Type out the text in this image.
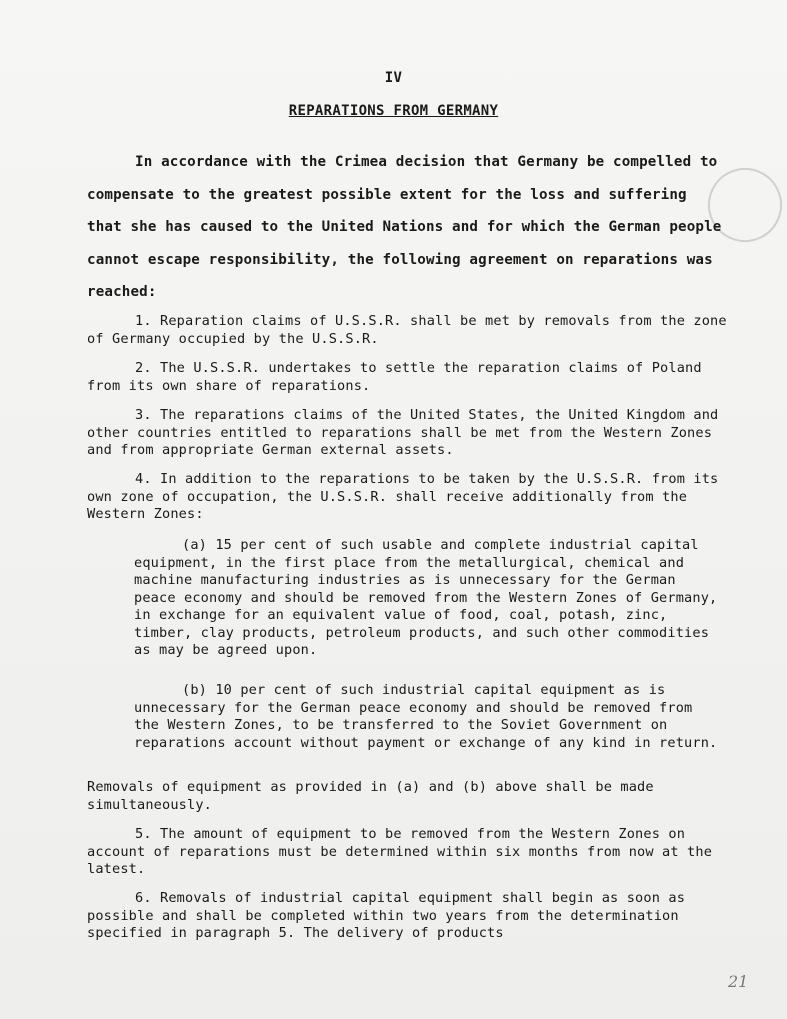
IV
REPARATIONS FROM GERMANY

In accordance with the Crimea decision that Germany be compelled to compensate to the greatest possible extent for the loss and suffering that she has caused to the United Nations and for which the German people cannot escape responsibility, the following agreement on reparations was reached:

1. Reparation claims of U.S.S.R. shall be met by removals from the zone of Germany occupied by the U.S.S.R.

2. The U.S.S.R. undertakes to settle the reparation claims of Poland from its own share of reparations.

3. The reparations claims of the United States, the United Kingdom and other countries entitled to reparations shall be met from the Western Zones and from appropriate German external assets.

4. In addition to the reparations to be taken by the U.S.S.R. from its own zone of occupation, the U.S.S.R. shall receive additionally from the Western Zones:

(a) 15 per cent of such usable and complete industrial capital equipment, in the first place from the metallurgical, chemical and machine manufacturing industries as is unnecessary for the German peace economy and should be removed from the Western Zones of Germany, in exchange for an equivalent value of food, coal, potash, zinc, timber, clay products, petroleum products, and such other commodities as may be agreed upon.

(b) 10 per cent of such industrial capital equipment as is unnecessary for the German peace economy and should be removed from the Western Zones, to be transferred to the Soviet Government on reparations account without payment or exchange of any kind in return.

Removals of equipment as provided in (a) and (b) above shall be made simultaneously.

5. The amount of equipment to be removed from the Western Zones on account of reparations must be determined within six months from now at the latest.

6. Removals of industrial capital equipment shall begin as soon as possible and shall be completed within two years from the determination specified in paragraph 5. The delivery of products

21
